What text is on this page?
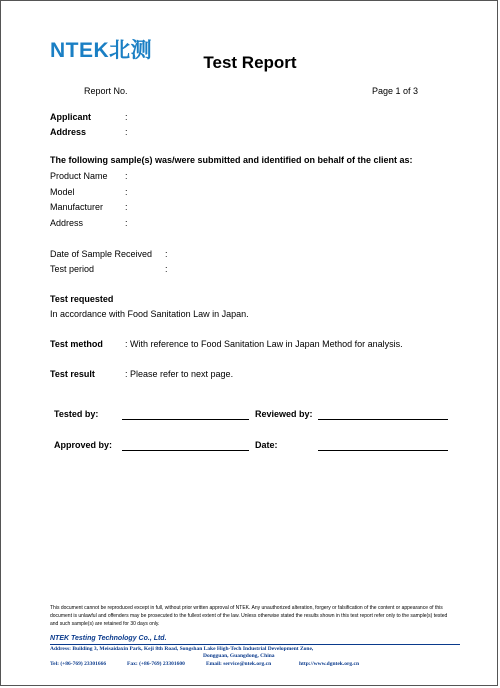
NTEK北测
Test Report
Report No.	Page 1 of 3
Applicant	:
Address	:
The following sample(s) was/were submitted and identified on behalf of the client as:
Product Name :
Model	:
Manufacturer :
Address	:
Date of Sample Received :
Test period	:
Test requested
In accordance with Food Sanitation Law in Japan.
Test method : With reference to Food Sanitation Law in Japan Method for analysis.
Test result	: Please refer to next page.
Tested by:	Reviewed by:
Approved by:	Date:
This document cannot be reproduced except in full, without prior written approval of NTEK. Any unauthorized alteration, forgery or falsification of the content or appearance of this document is unlawful and offenders may be prosecuted to the fullest extent of the law. Unless otherwise stated the results shown in this test report refer only to the sample(s) tested and such sample(s) are retained for 30 days only.
NTEK Testing Technology Co., Ltd.
Address: Building 3, Meisaidaxin Park, Keji 8th Road, Songshan Lake High-Tech Industrial Development Zone,
Dongguan, Guangdong, China
Tel: (+86-769) 23301666	Fax: (+86-769) 23301600	Email: service@ntek.org.cn	http://www.dgntek.org.cn
